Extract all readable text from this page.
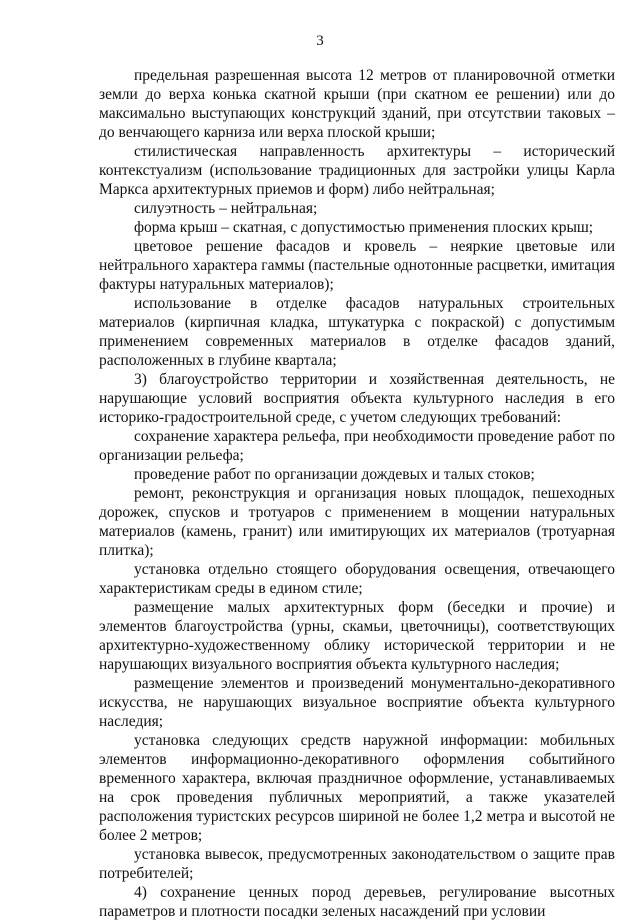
3

предельная разрешенная высота 12 метров от планировочной отметки земли до верха конька скатной крыши (при скатном ее решении) или до максимально выступающих конструкций зданий, при отсутствии таковых – до венчающего карниза или верха плоской крыши;

стилистическая направленность архитектуры – исторический контекстуализм (использование традиционных для застройки улицы Карла Маркса архитектурных приемов и форм) либо нейтральная;

силуэтность – нейтральная;

форма крыш – скатная, с допустимостью применения плоских крыш;

цветовое решение фасадов и кровель – неяркие цветовые или нейтрального характера гаммы (пастельные однотонные расцветки, имитация фактуры натуральных материалов);

использование в отделке фасадов натуральных строительных материалов (кирпичная кладка, штукатурка с покраской) с допустимым применением современных материалов в отделке фасадов зданий, расположенных в глубине квартала;

3) благоустройство территории и хозяйственная деятельность, не нарушающие условий восприятия объекта культурного наследия в его историко-градостроительной среде, с учетом следующих требований:

сохранение характера рельефа, при необходимости проведение работ по организации рельефа;

проведение работ по организации дождевых и талых стоков;

ремонт, реконструкция и организация новых площадок, пешеходных дорожек, спусков и тротуаров с применением в мощении натуральных материалов (камень, гранит) или имитирующих их материалов (тротуарная плитка);

установка отдельно стоящего оборудования освещения, отвечающего характеристикам среды в едином стиле;

размещение малых архитектурных форм (беседки и прочие) и элементов благоустройства (урны, скамьи, цветочницы), соответствующих архитектурно-художественному облику исторической территории и не нарушающих визуального восприятия объекта культурного наследия;

размещение элементов и произведений монументально-декоративного искусства, не нарушающих визуальное восприятие объекта культурного наследия;

установка следующих средств наружной информации: мобильных элементов информационно-декоративного оформления событийного временного характера, включая праздничное оформление, устанавливаемых на срок проведения публичных мероприятий, а также указателей расположения туристских ресурсов шириной не более 1,2 метра и высотой не более 2 метров;

установка вывесок, предусмотренных законодательством о защите прав потребителей;

4) сохранение ценных пород деревьев, регулирование высотных параметров и плотности посадки зеленых насаждений при условии
